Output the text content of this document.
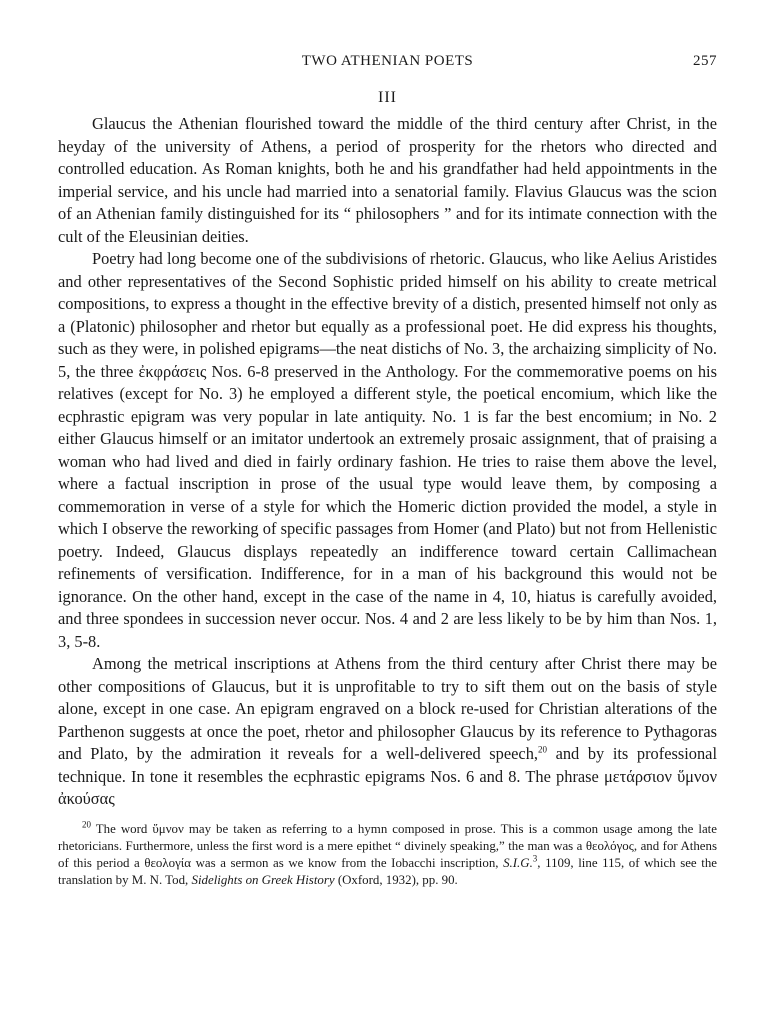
TWO ATHENIAN POETS	257
III

Glaucus the Athenian flourished toward the middle of the third century after Christ, in the heyday of the university of Athens, a period of prosperity for the rhetors who directed and controlled education. As Roman knights, both he and his grandfather had held appointments in the imperial service, and his uncle had married into a senatorial family. Flavius Glaucus was the scion of an Athenian family distinguished for its “ philosophers ” and for its intimate connection with the cult of the Eleusinian deities.

Poetry had long become one of the subdivisions of rhetoric. Glaucus, who like Aelius Aristides and other representatives of the Second Sophistic prided himself on his ability to create metrical compositions, to express a thought in the effective brevity of a distich, presented himself not only as a (Platonic) philosopher and rhetor but equally as a professional poet. He did express his thoughts, such as they were, in polished epigrams—the neat distichs of No. 3, the archaizing simplicity of No. 5, the three ἐκφράσεις Nos. 6-8 preserved in the Anthology. For the commemorative poems on his relatives (except for No. 3) he employed a different style, the poetical encomium, which like the ecphrastic epigram was very popular in late antiquity. No. 1 is far the best encomium; in No. 2 either Glaucus himself or an imitator undertook an extremely prosaic assignment, that of praising a woman who had lived and died in fairly ordinary fashion. He tries to raise them above the level, where a factual inscription in prose of the usual type would leave them, by composing a commemoration in verse of a style for which the Homeric diction provided the model, a style in which I observe the reworking of specific passages from Homer (and Plato) but not from Hellenistic poetry. Indeed, Glaucus displays repeatedly an indifference toward certain Callimachean refinements of versification. Indifference, for in a man of his background this would not be ignorance. On the other hand, except in the case of the name in 4, 10, hiatus is carefully avoided, and three spondees in succession never occur. Nos. 4 and 2 are less likely to be by him than Nos. 1, 3, 5-8.

Among the metrical inscriptions at Athens from the third century after Christ there may be other compositions of Glaucus, but it is unprofitable to try to sift them out on the basis of style alone, except in one case. An epigram engraved on a block re-used for Christian alterations of the Parthenon suggests at once the poet, rhetor and philosopher Glaucus by its reference to Pythagoras and Plato, by the admiration it reveals for a well-delivered speech,$^{20}$ and by its professional technique. In tone it resembles the ecphrastic epigrams Nos. 6 and 8. The phrase μετάρσιον ὕμνον ἀκούσας

$^{20}$ The word ὕμνον may be taken as referring to a hymn composed in prose. This is a common usage among the late rhetoricians. Furthermore, unless the first word is a mere epithet “ divinely speaking,” the man was a θεολόγος, and for Athens of this period a θεολογία was a sermon as we know from the Iobacchi inscription, S.I.G.$^3$, 1109, line 115, of which see the translation by M. N. Tod, Sidelights on Greek History (Oxford, 1932), pp. 90.
